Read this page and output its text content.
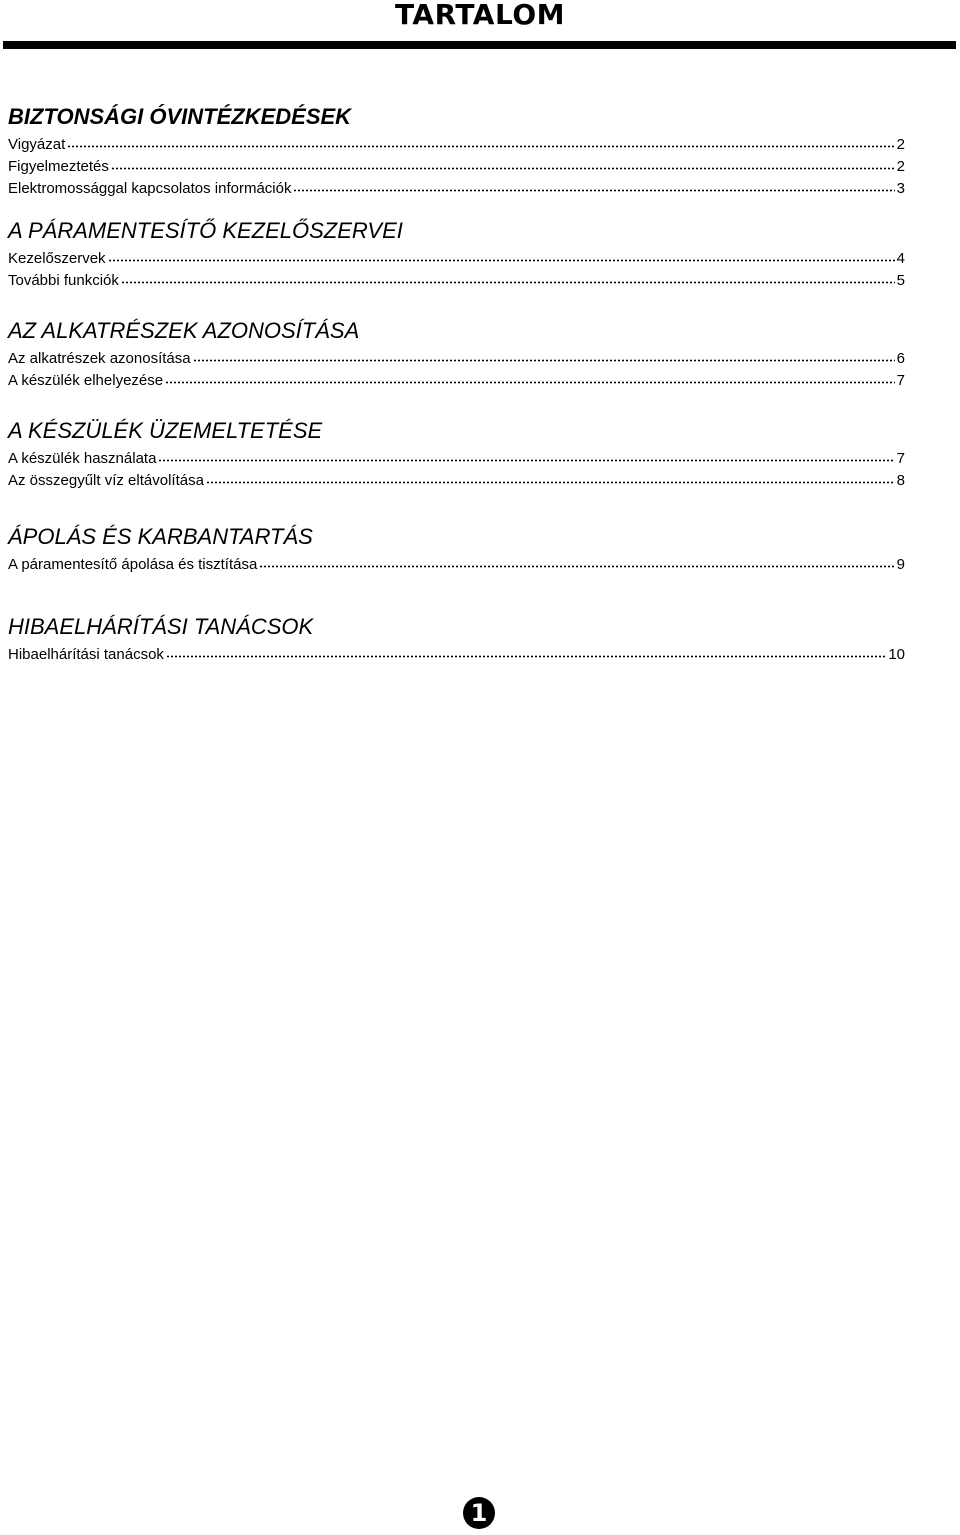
TARTALOM
BIZTONSÁGI ÓVINTÉZKEDÉSEK
Vigyázat	2
Figyelmeztetés	2
Elektromossággal kapcsolatos információk	3
A PÁRAMENTESÍTŐ KEZELŐSZERVEI
Kezelőszervek	4
További funkciók	5
AZ ALKATRÉSZEK AZONOSÍTÁSA
Az alkatrészek azonosítása	6
A készülék elhelyezése	7
A KÉSZÜLÉK ÜZEMELTETÉSE
A készülék használata	7
Az összegyűlt víz eltávolítása	8
ÁPOLÁS ÉS KARBANTARTÁS
A páramentesítő ápolása és tisztítása	9
HIBAELHÁRÍTÁSI TANÁCSOK
Hibaelhárítási tanácsok	10
1
